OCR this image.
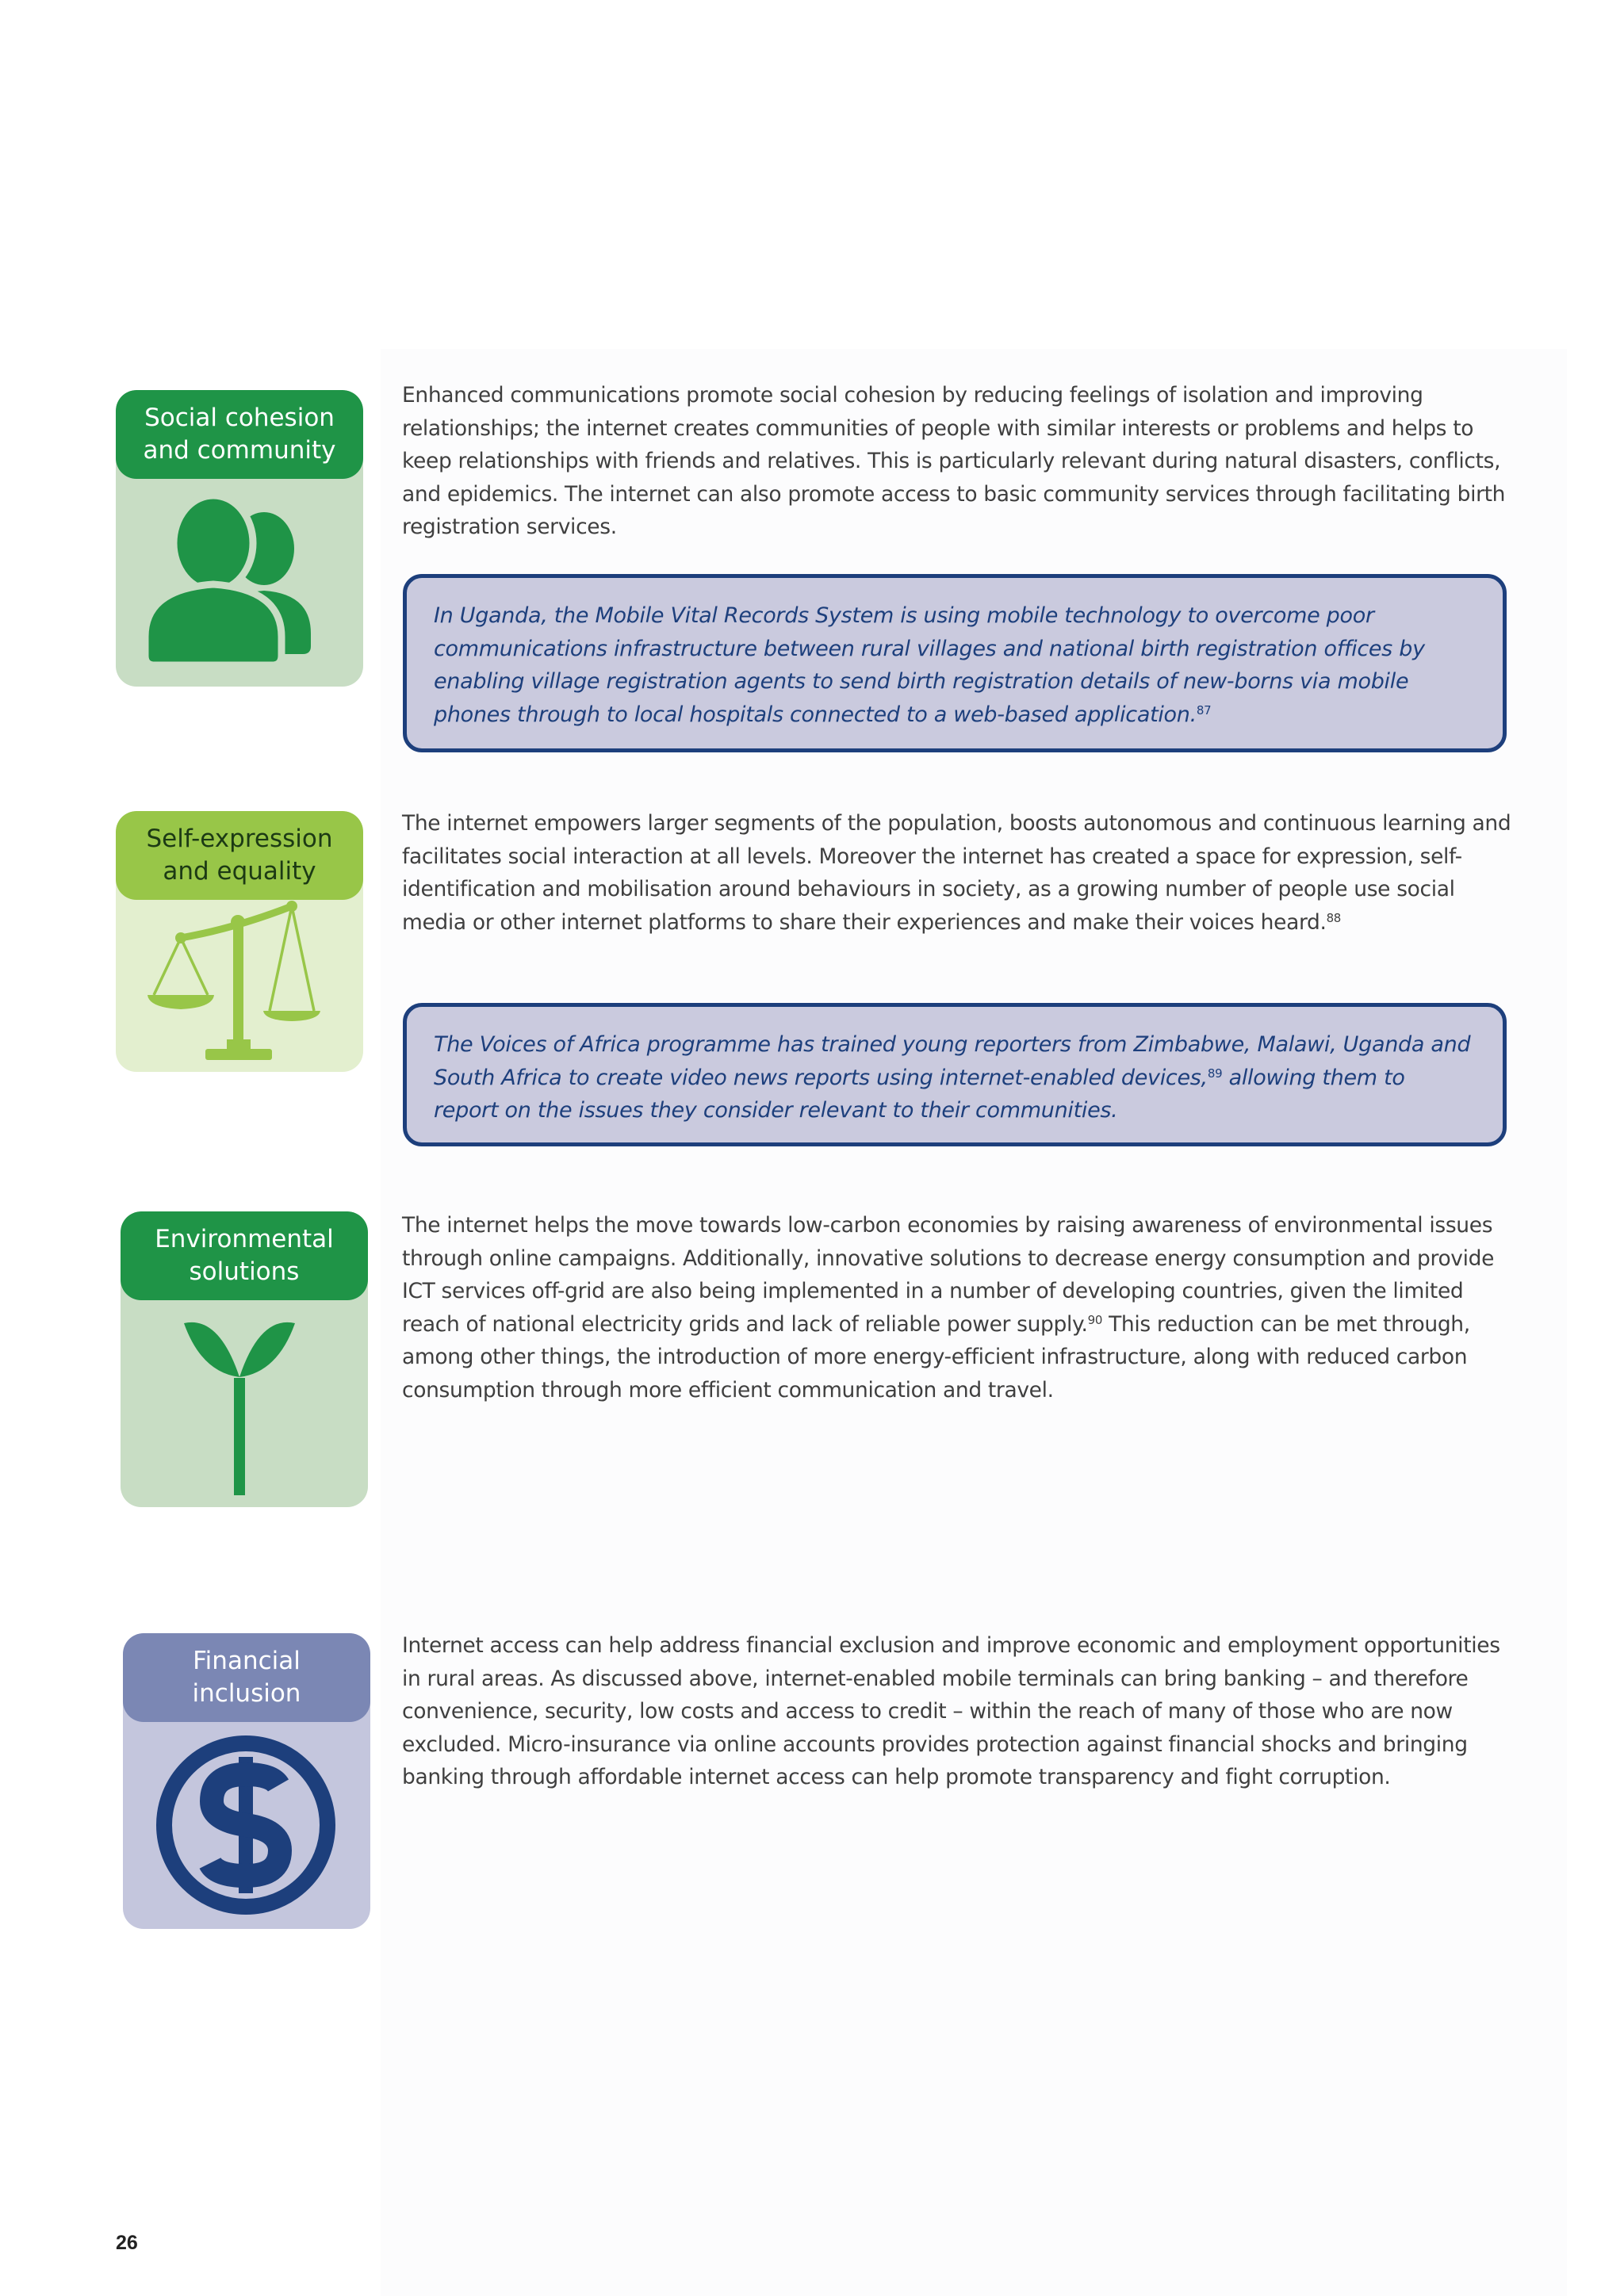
Social cohesion
and community

Enhanced communications promote social cohesion by reducing feelings of isolation and improving relationships; the internet creates communities of people with similar interests or problems and helps to keep relationships with friends and relatives. This is particularly relevant during natural disasters, conflicts, and epidemics. The internet can also promote access to basic community services through facilitating birth registration services.

In Uganda, the Mobile Vital Records System is using mobile technology to overcome poor communications infrastructure between rural villages and national birth registration offices by enabling village registration agents to send birth registration details of new-borns via mobile phones through to local hospitals connected to a web-based application.$^{87}$

Self-expression
and equality

The internet empowers larger segments of the population, boosts autonomous and continuous learning and facilitates social interaction at all levels. Moreover the internet has created a space for expression, self-identification and mobilisation around behaviours in society, as a growing number of people use social media or other internet platforms to share their experiences and make their voices heard.$^{88}$

The Voices of Africa programme has trained young reporters from Zimbabwe, Malawi, Uganda and South Africa to create video news reports using internet-enabled devices,$^{89}$ allowing them to report on the issues they consider relevant to their communities.

Environmental
solutions

The internet helps the move towards low-carbon economies by raising awareness of environmental issues through online campaigns. Additionally, innovative solutions to decrease energy consumption and provide ICT services off-grid are also being implemented in a number of developing countries, given the limited reach of national electricity grids and lack of reliable power supply.$^{90}$ This reduction can be met through, among other things, the introduction of more energy-efficient infrastructure, along with reduced carbon consumption through more efficient communication and travel.

Financial
inclusion

Internet access can help address financial exclusion and improve economic and employment opportunities in rural areas. As discussed above, internet-enabled mobile terminals can bring banking – and therefore convenience, security, low costs and access to credit – within the reach of many of those who are now excluded. Micro-insurance via online accounts provides protection against financial shocks and bringing banking through affordable internet access can help promote transparency and fight corruption.

26
